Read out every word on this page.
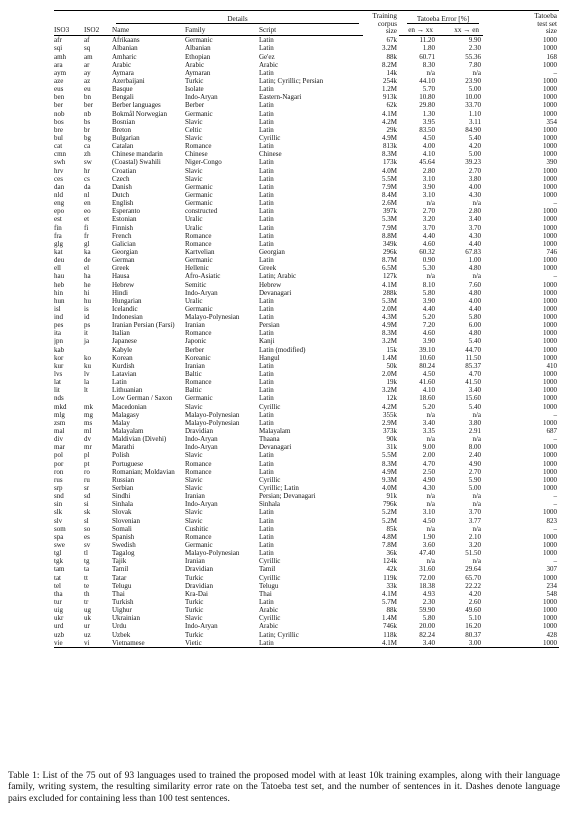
		Details			Training
corpus
size	Tatoeba Error [%]		Tatoeba
test set
size
ISO3	ISO2	Name	Family	Script		en → xx	xx → en	
afr	af	Afrikaans	Germanic	Latin	67k	11.20	9.90	1000
sqi	sq	Albanian	Albanian	Latin	3.2M	1.80	2.30	1000
amh	am	Amharic	Ethopian	Ge'ez	88k	60.71	55.36	168
ara	ar	Arabic	Arabic	Arabic	8.2M	8.30	7.80	1000
aym	ay	Aymara	Aymaran	Latin	14k	n/a	n/a	–
aze	az	Azerbaijani	Turkic	Latin; Cyrillic; Persian	254k	44.10	23.90	1000
eus	eu	Basque	Isolate	Latin	1.2M	5.70	5.00	1000
ben	bn	Bengali	Indo-Aryan	Eastern-Nagari	913k	10.80	10.00	1000
ber	ber	Berber languages	Berber	Latin	62k	29.80	33.70	1000
nob	nb	Bokmål Norwegian	Germanic	Latin	4.1M	1.30	1.10	1000
bos	bs	Bosnian	Slavic	Latin	4.2M	3.95	3.11	354
bre	br	Breton	Celtic	Latin	29k	83.50	84.90	1000
bul	bg	Bulgarian	Slavic	Cyrillic	4.9M	4.50	5.40	1000
cat	ca	Catalan	Romance	Latin	813k	4.00	4.20	1000
cmn	zh	Chinese mandarin	Chinese	Chinese	8.3M	4.10	5.00	1000
swh	sw	(Coastal) Swahili	Niger-Congo	Latin	173k	45.64	39.23	390
hrv	hr	Croatian	Slavic	Latin	4.0M	2.80	2.70	1000
ces	cs	Czech	Slavic	Latin	5.5M	3.10	3.80	1000
dan	da	Danish	Germanic	Latin	7.9M	3.90	4.00	1000
nld	nl	Dutch	Germanic	Latin	8.4M	3.10	4.30	1000
eng	en	English	Germanic	Latin	2.6M	n/a	n/a	–
epo	eo	Esperanto	constructed	Latin	397k	2.70	2.80	1000
est	et	Estonian	Uralic	Latin	5.3M	3.20	3.40	1000
fin	fi	Finnish	Uralic	Latin	7.9M	3.70	3.70	1000
fra	fr	French	Romance	Latin	8.8M	4.40	4.30	1000
glg	gl	Galician	Romance	Latin	349k	4.60	4.40	1000
kat	ka	Georgian	Kartvelian	Georgian	296k	60.32	67.83	746
deu	de	German	Germanic	Latin	8.7M	0.90	1.00	1000
ell	el	Greek	Hellenic	Greek	6.5M	5.30	4.80	1000
hau	ha	Hausa	Afro-Asiatic	Latin; Arabic	127k	n/a	n/a	–
heb	he	Hebrew	Semitic	Hebrew	4.1M	8.10	7.60	1000
hin	hi	Hindi	Indo-Aryan	Devanagari	288k	5.80	4.80	1000
hun	hu	Hungarian	Uralic	Latin	5.3M	3.90	4.00	1000
isl	is	Icelandic	Germanic	Latin	2.0M	4.40	4.40	1000
ind	id	Indonesian	Malayo-Polynesian	Latin	4.3M	5.20	5.80	1000
pes	ps	Iranian Persian (Farsi)	Iranian	Persian	4.9M	7.20	6.00	1000
ita	it	Italian	Romance	Latin	8.3M	4.60	4.80	1000
jpn	ja	Japanese	Japonic	Kanji	3.2M	3.90	5.40	1000
kab		Kabyle	Berber	Latin (modified)	15k	39.10	44.70	1000
kor	ko	Korean	Koreanic	Hangul	1.4M	10.60	11.50	1000
kur	ku	Kurdish	Iranian	Latin	50k	80.24	85.37	410
lvs	lv	Latavian	Baltic	Latin	2.0M	4.50	4.70	1000
lat	la	Latin	Romance	Latin	19k	41.60	41.50	1000
lit	lt	Lithuanian	Baltic	Latin	3.2M	4.10	3.40	1000
nds		Low German / Saxon	Germanic	Latin	12k	18.60	15.60	1000
mkd	mk	Macedonian	Slavic	Cyrillic	4.2M	5.20	5.40	1000
mlg	mg	Malagasy	Malayo-Polynesian	Latin	355k	n/a	n/a	–
zsm	ms	Malay	Malayo-Polynesian	Latin	2.9M	3.40	3.80	1000
mal	ml	Malayalam	Dravidian	Malayalam	373k	3.35	2.91	687
div	dv	Maldivian (Divehi)	Indo-Aryan	Thaana	90k	n/a	n/a	–
mar	mr	Marathi	Indo-Aryan	Devanagari	31k	9.00	8.00	1000
pol	pl	Polish	Slavic	Latin	5.5M	2.00	2.40	1000
por	pt	Portuguese	Romance	Latin	8.3M	4.70	4.90	1000
ron	ro	Romanian; Moldavian	Romance	Latin	4.9M	2.50	2.70	1000
rus	ru	Russian	Slavic	Cyrillic	9.3M	4.90	5.90	1000
srp	sr	Serbian	Slavic	Cyrillic; Latin	4.0M	4.30	5.00	1000
snd	sd	Sindhi	Iranian	Persian; Devanagari	91k	n/a	n/a	–
sin	si	Sinhala	Indo-Aryan	Sinhala	796k	n/a	n/a	–
slk	sk	Slovak	Slavic	Latin	5.2M	3.10	3.70	1000
slv	sl	Slovenian	Slavic	Latin	5.2M	4.50	3.77	823
som	so	Somali	Cushitic	Latin	85k	n/a	n/a	–
spa	es	Spanish	Romance	Latin	4.8M	1.90	2.10	1000
swe	sv	Swedish	Germanic	Latin	7.8M	3.60	3.20	1000
tgl	tl	Tagalog	Malayo-Polynesian	Latin	36k	47.40	51.50	1000
tgk	tg	Tajik	Iranian	Cyrillic	124k	n/a	n/a	–
tam	ta	Tamil	Dravidian	Tamil	42k	31.60	29.64	307
tat	tt	Tatar	Turkic	Cyrillic	119k	72.00	65.70	1000
tel	te	Telugu	Dravidian	Telugu	33k	18.38	22.22	234
tha	th	Thai	Kra-Dai	Thai	4.1M	4.93	4.20	548
tur	tr	Turkish	Turkic	Latin	5.7M	2.30	2.60	1000
uig	ug	Uighur	Turkic	Arabic	88k	59.90	49.60	1000
ukr	uk	Ukrainian	Slavic	Cyrillic	1.4M	5.80	5.10	1000
urd	ur	Urdu	Indo-Aryan	Arabic	746k	20.00	16.20	1000
uzb	uz	Uzbek	Turkic	Latin; Cyrillic	118k	82.24	80.37	428
vie	vi	Vietnamese	Vietic	Latin	4.1M	3.40	3.00	1000
Table 1: List of the 75 out of 93 languages used to trained the proposed model with at least 10k training examples, along with their language family, writing system, the resulting similarity error rate on the Tatoeba test set, and the number of sentences in it. Dashes denote language pairs excluded for containing less than 100 test sentences.
